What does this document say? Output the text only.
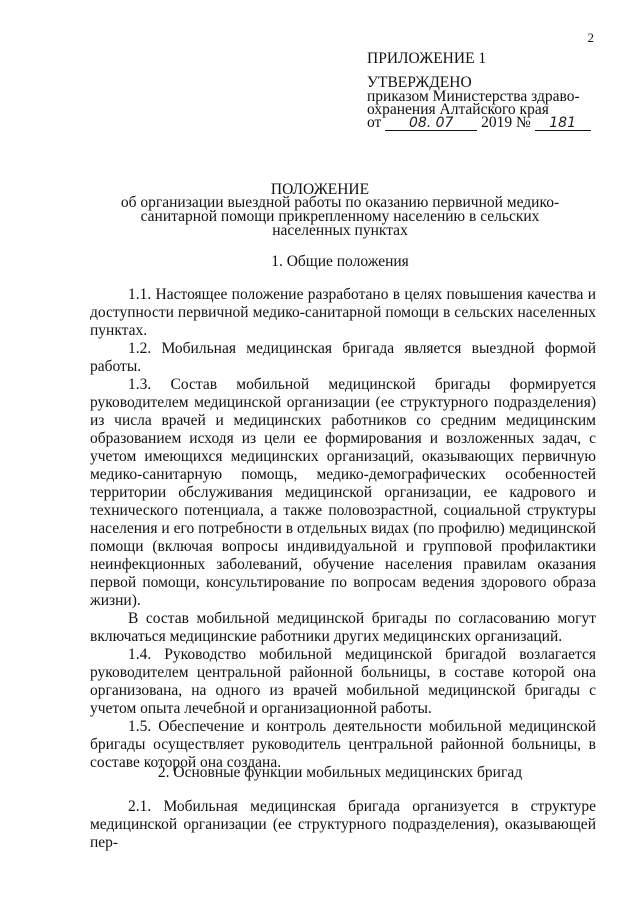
2
ПРИЛОЖЕНИЕ 1
УТВЕРЖДЕНО
приказом Министерства здраво-
охранения Алтайского края
от 08. 07 2019 № 181
ПОЛОЖЕНИЕ
об организации выездной работы по оказанию первичной медико-санитарной помощи прикрепленному населению в сельских населенных пунктах
1. Общие положения

1.1. Настоящее положение разработано в целях повышения качества и доступности первичной медико-санитарной помощи в сельских населенных пунктах.

1.2. Мобильная медицинская бригада является выездной формой работы.

1.3. Состав мобильной медицинской бригады формируется руководителем медицинской организации (ее структурного подразделения) из числа врачей и медицинских работников со средним медицинским образованием исходя из цели ее формирования и возложенных задач, с учетом имеющихся медицинских организаций, оказывающих первичную медико-санитарную помощь, медико-демографических особенностей территории обслуживания медицинской организации, ее кадрового и технического потенциала, а также половозрастной, социальной структуры населения и его потребности в отдельных видах (по профилю) медицинской помощи (включая вопросы индивидуальной и групповой профилактики неинфекционных заболеваний, обучение населения правилам оказания первой помощи, консультирование по вопросам ведения здорового образа жизни).

В состав мобильной медицинской бригады по согласованию могут включаться медицинские работники других медицинских организаций.

1.4. Руководство мобильной медицинской бригадой возлагается руководителем центральной районной больницы, в составе которой она организована, на одного из врачей мобильной медицинской бригады с учетом опыта лечебной и организационной работы.

1.5. Обеспечение и контроль деятельности мобильной медицинской бригады осуществляет руководитель центральной районной больницы, в составе которой она создана.

2. Основные функции мобильных медицинских бригад

2.1. Мобильная медицинская бригада организуется в структуре медицинской организации (ее структурного подразделения), оказывающей пер-
